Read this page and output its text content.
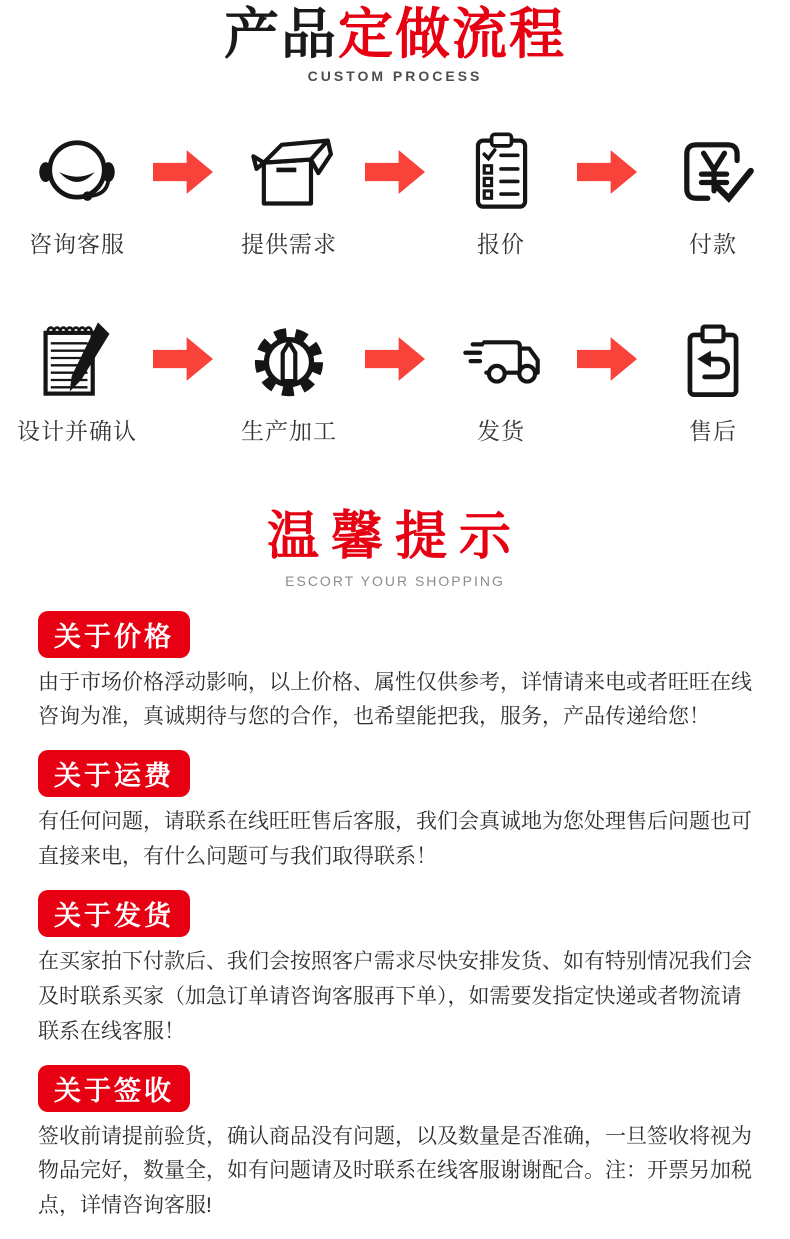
产品定做流程
CUSTOM PROCESS
咨询客服	提供需求	报价	付款
设计并确认	生产加工	发货	售后
温馨提示
ESCORT YOUR SHOPPING
关于价格
由于市场价格浮动影响，以上价格、属性仅供参考，详情请来电或者旺旺在线咨询为准，真诚期待与您的合作，也希望能把我，服务，产品传递给您！
关于运费
有任何问题，请联系在线旺旺售后客服，我们会真诚地为您处理售后问题也可直接来电，有什么问题可与我们取得联系！
关于发货
在买家拍下付款后、我们会按照客户需求尽快安排发货、如有特别情况我们会及时联系买家（加急订单请咨询客服再下单），如需要发指定快递或者物流请联系在线客服！
关于签收
签收前请提前验货，确认商品没有问题，以及数量是否准确，一旦签收将视为物品完好，数量全，如有问题请及时联系在线客服谢谢配合。注：开票另加税点，详情咨询客服!
